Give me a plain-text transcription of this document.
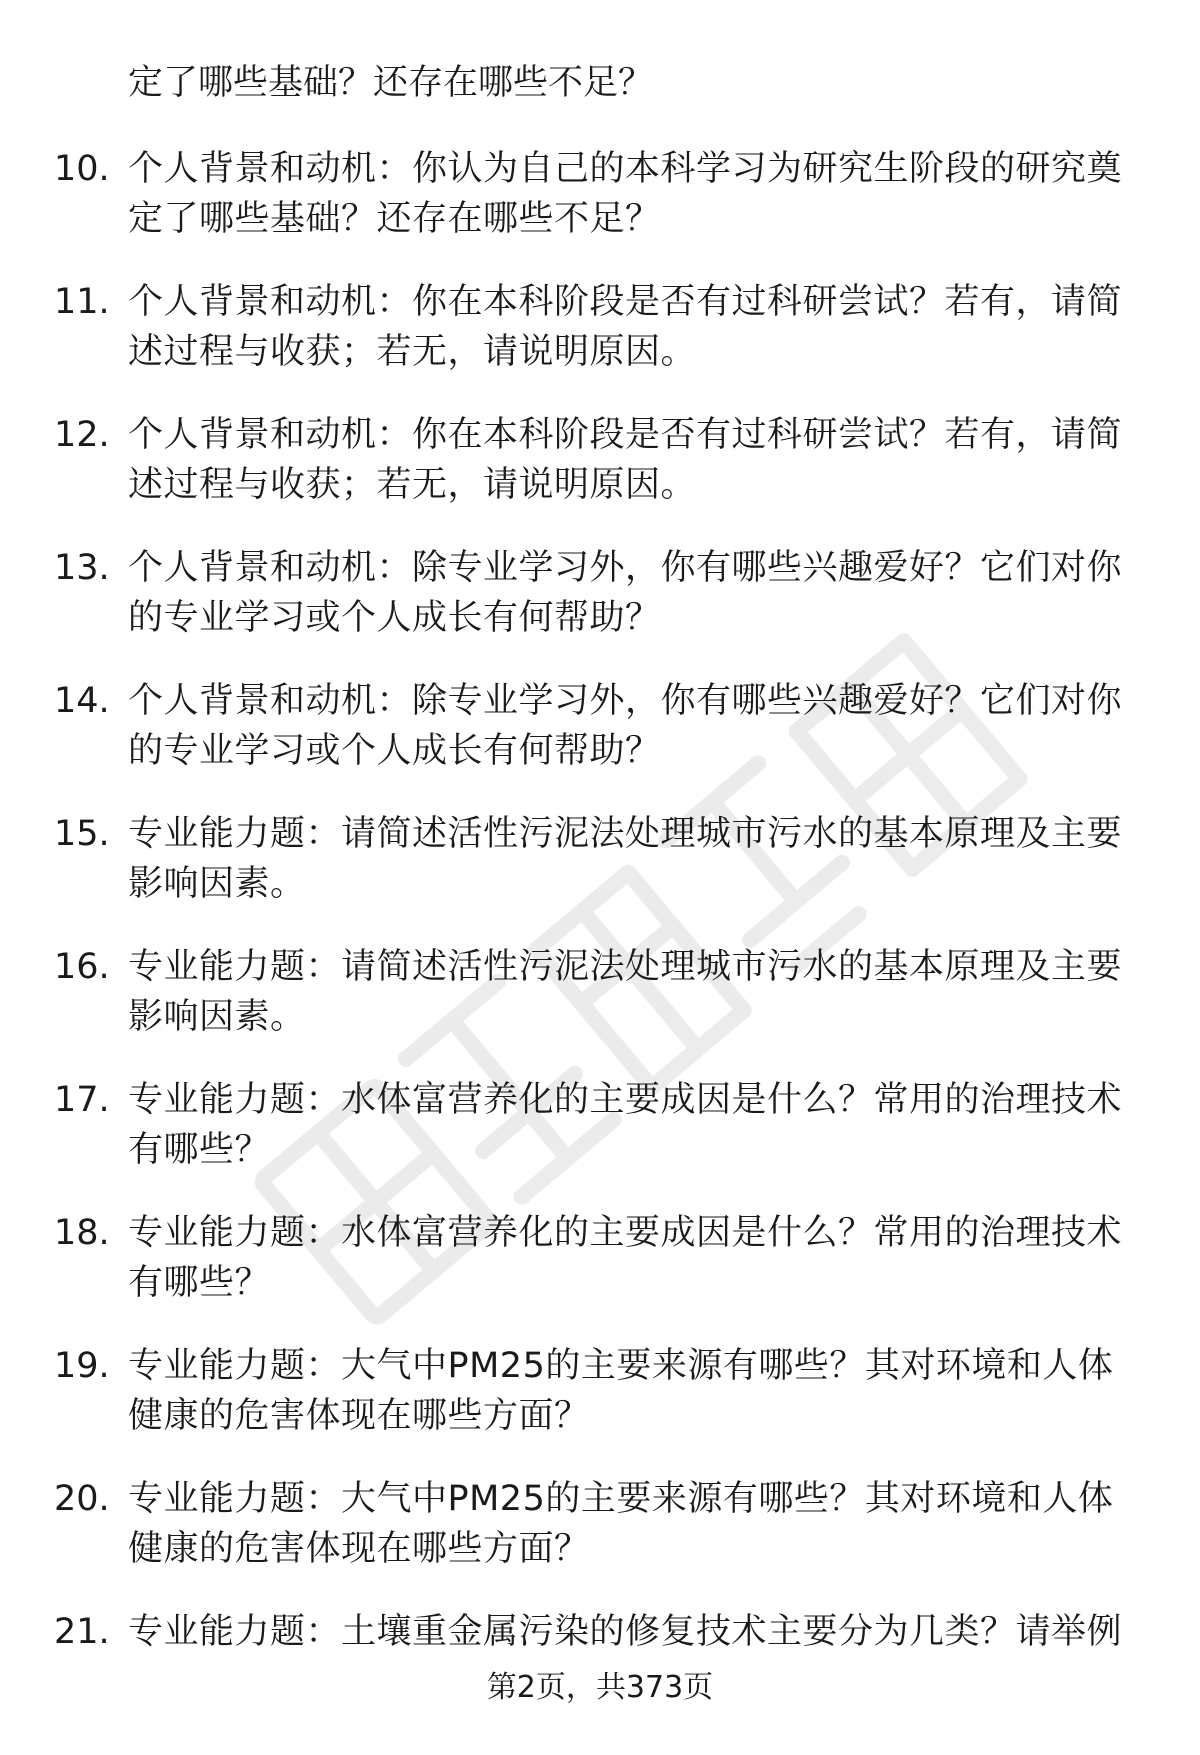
定了哪些基础？还存在哪些不足？

10. 个人背景和动机：你认为自己的本科学习为研究生阶段的研究奠定了哪些基础？还存在哪些不足？
11. 个人背景和动机：你在本科阶段是否有过科研尝试？若有，请简述过程与收获；若无，请说明原因。
12. 个人背景和动机：你在本科阶段是否有过科研尝试？若有，请简述过程与收获；若无，请说明原因。
13. 个人背景和动机：除专业学习外，你有哪些兴趣爱好？它们对你的专业学习或个人成长有何帮助？
14. 个人背景和动机：除专业学习外，你有哪些兴趣爱好？它们对你的专业学习或个人成长有何帮助？
15. 专业能力题：请简述活性污泥法处理城市污水的基本原理及主要影响因素。
16. 专业能力题：请简述活性污泥法处理城市污水的基本原理及主要影响因素。
17. 专业能力题：水体富营养化的主要成因是什么？常用的治理技术有哪些？
18. 专业能力题：水体富营养化的主要成因是什么？常用的治理技术有哪些？
19. 专业能力题：大气中PM25的主要来源有哪些？其对环境和人体健康的危害体现在哪些方面？
20. 专业能力题：大气中PM25的主要来源有哪些？其对环境和人体健康的危害体现在哪些方面？
21. 专业能力题：土壤重金属污染的修复技术主要分为几类？请举例
第2页，共373页
